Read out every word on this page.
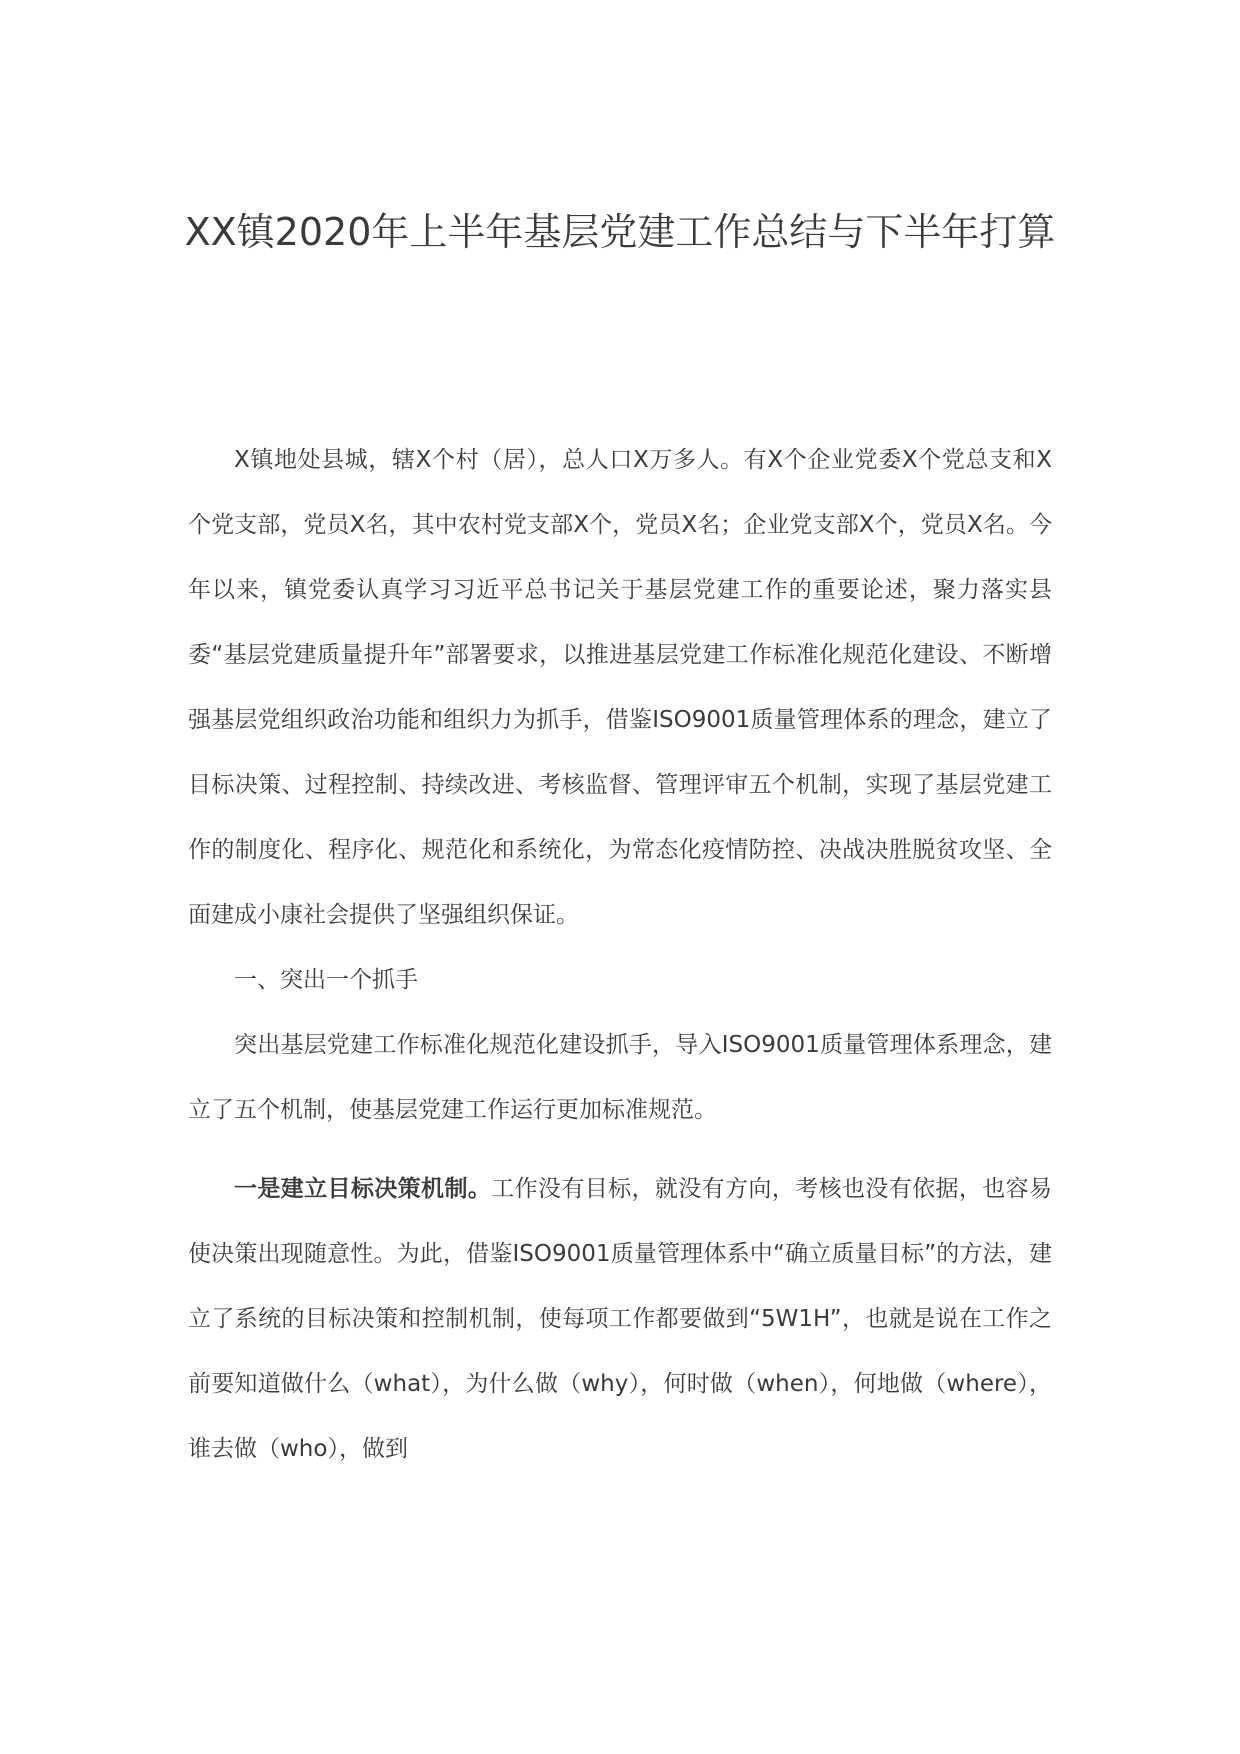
XX镇2020年上半年基层党建工作总结与下半年打算

X镇地处县城，辖X个村（居），总人口X万多人。有X个企业党委X个党总支和X个党支部，党员X名，其中农村党支部X个，党员X名；企业党支部X个，党员X名。今年以来，镇党委认真学习习近平总书记关于基层党建工作的重要论述，聚力落实县委“基层党建质量提升年”部署要求，以推进基层党建工作标准化规范化建设、不断增强基层党组织政治功能和组织力为抓手，借鉴ISO9001质量管理体系的理念，建立了目标决策、过程控制、持续改进、考核监督、管理评审五个机制，实现了基层党建工作的制度化、程序化、规范化和系统化，为常态化疫情防控、决战决胜脱贫攻坚、全面建成小康社会提供了坚强组织保证。

一、突出一个抓手

突出基层党建工作标准化规范化建设抓手，导入ISO9001质量管理体系理念，建立了五个机制，使基层党建工作运行更加标准规范。

一是建立目标决策机制。工作没有目标，就没有方向，考核也没有依据，也容易使决策出现随意性。为此，借鉴ISO9001质量管理体系中“确立质量目标”的方法，建立了系统的目标决策和控制机制，使每项工作都要做到“5W1H”，也就是说在工作之前要知道做什么（what），为什么做（why），何时做（when），何地做（where），谁去做（who），做到
